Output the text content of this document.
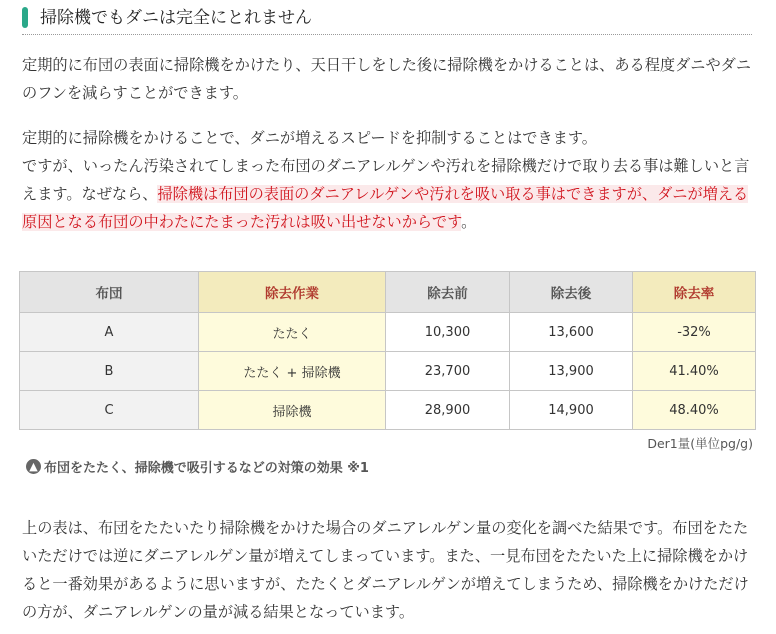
掃除機でもダニは完全にとれません

定期的に布団の表面に掃除機をかけたり、天日干しをした後に掃除機をかけることは、ある程度ダニやダニのフンを減らすことができます。

定期的に掃除機をかけることで、ダニが増えるスピードを抑制することはできます。
ですが、いったん汚染されてしまった布団のダニアレルゲンや汚れを掃除機だけで取り去る事は難しいと言えます。なぜなら、掃除機は布団の表面のダニアレルゲンや汚れを吸い取る事はできますが、ダニが増える原因となる布団の中わたにたまった汚れは吸い出せないからです。

布団	除去作業	除去前	除去後	除去率
A	たたく	10,300	13,600	-32%
B	たたく + 掃除機	23,700	13,900	41.40%
C	掃除機	28,900	14,900	48.40%
Der1量(単位pg/g)
▲ 布団をたたく、掃除機で吸引するなどの対策の効果 ※1

上の表は、布団をたたいたり掃除機をかけた場合のダニアレルゲン量の変化を調べた結果です。布団をたたいただけでは逆にダニアレルゲン量が増えてしまっています。また、一見布団をたたいた上に掃除機をかけると一番効果があるように思いますが、たたくとダニアレルゲンが増えてしまうため、掃除機をかけただけの方が、ダニアレルゲンの量が減る結果となっています。
